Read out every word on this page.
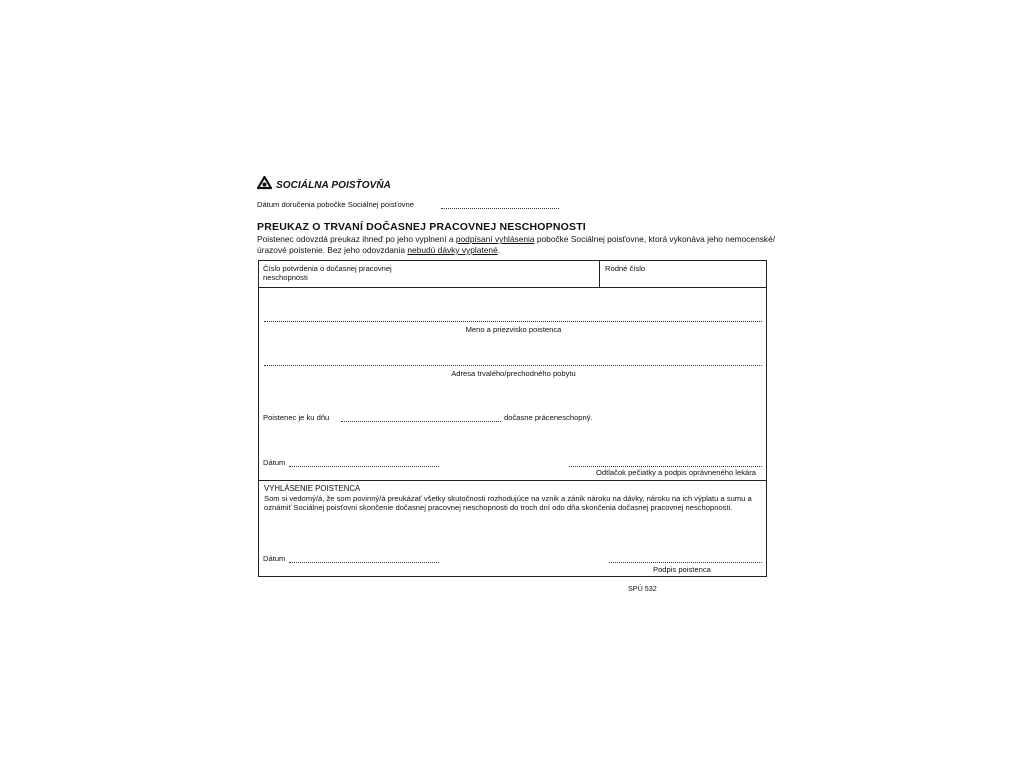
SOCIÁLNA POISŤOVŇA
Dátum doručenia pobočke Sociálnej poisťovne
PREUKAZ O TRVANÍ DOČASNEJ PRACOVNEJ NESCHOPNOSTI
Poistenec odovzdá preukaz ihneď po jeho vyplnení a podpísaní vyhlásenia pobočke Sociálnej poisťovne, ktorá vykonáva jeho nemocenské/úrazové poistenie. Bez jeho odovzdania nebudú dávky vyplatené.
Číslo potvrdenia o dočasnej pracovnej neschopnosti
Rodné číslo
Meno a priezvisko poistenca
Adresa trvalého/prechodného pobytu
Poistenec je ku dňu	dočasne práceneschopný.
Dátum
Odtlačok pečiatky a podpis oprávneného lekára
VYHLÁSENIE POISTENCA
Som si vedomý/á, že som povinný/á preukázať všetky skutočnosti rozhodujúce na vznik a zánik nároku na dávky, nároku na ich výplatu a sumu a oznámiť Sociálnej poisťovni skončenie dočasnej pracovnej neschopnosti do troch dní odo dňa skončenia dočasnej pracovnej neschopnosti.
Dátum
Podpis poistenca
SPÚ 532
